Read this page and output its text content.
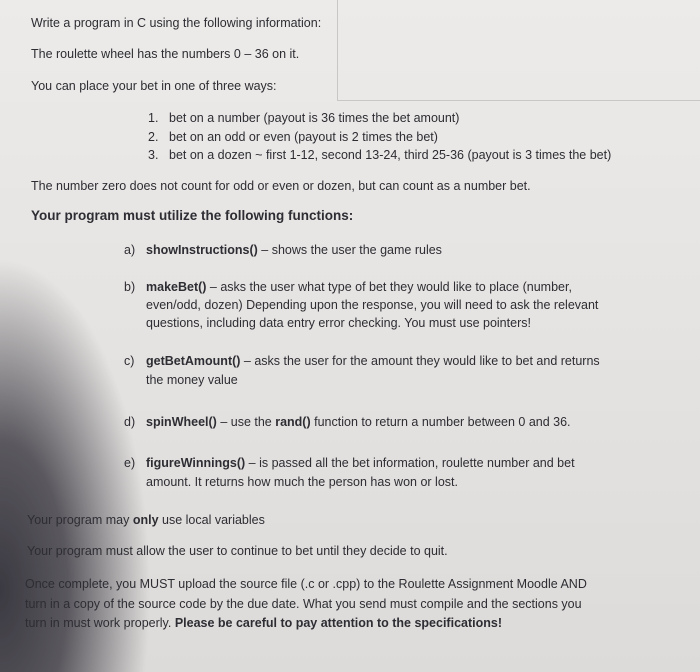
Write a program in C using the following information:
The roulette wheel has the numbers 0 – 36 on it.
You can place your bet in one of three ways:
1. bet on a number (payout is 36 times the bet amount)
2. bet on an odd or even (payout is 2 times the bet)
3. bet on a dozen ~ first 1-12, second 13-24, third 25-36 (payout is 3 times the bet)
The number zero does not count for odd or even or dozen, but can count as a number bet.
Your program must utilize the following functions:
a) showInstructions() – shows the user the game rules
b) makeBet() – asks the user what type of bet they would like to place (number,
even/odd, dozen) Depending upon the response, you will need to ask the relevant
questions, including data entry error checking. You must use pointers!
c) getBetAmount() – asks the user for the amount they would like to bet and returns
the money value
d) spinWheel() – use the rand() function to return a number between 0 and 36.
e) figureWinnings() – is passed all the bet information, roulette number and bet
amount. It returns how much the person has won or lost.
Your program may only use local variables
Your program must allow the user to continue to bet until they decide to quit.
Once complete, you MUST upload the source file (.c or .cpp) to the Roulette Assignment Moodle AND
turn in a copy of the source code by the due date. What you send must compile and the sections you
turn in must work properly. Please be careful to pay attention to the specifications!
